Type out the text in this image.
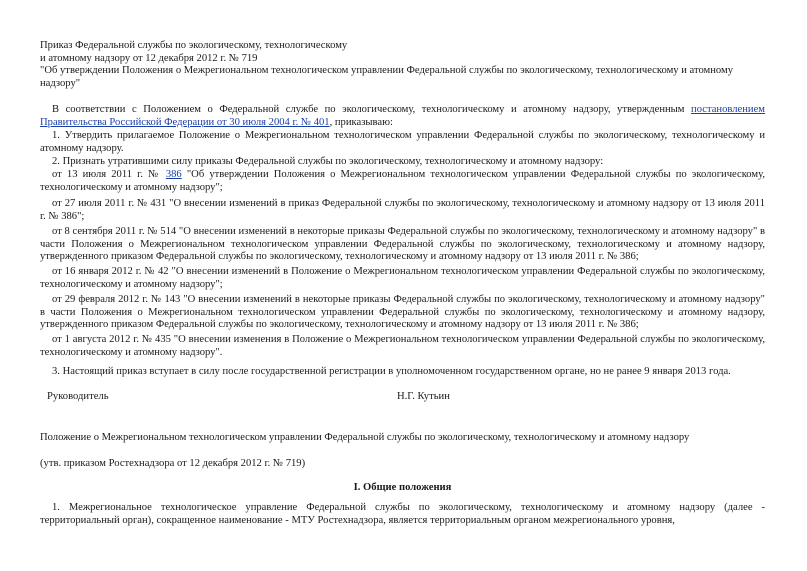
Приказ Федеральной службы по экологическому, технологическому
и атомному надзору от 12 декабря 2012 г. № 719
"Об утверждении Положения о Межрегиональном технологическом управлении Федеральной службы по экологическому, технологическому и атомному надзору"

В соответствии с Положением о Федеральной службе по экологическому, технологическому и атомному надзору, утвержденным постановлением Правительства Российской Федерации от 30 июля 2004 г. № 401, приказываю:

1. Утвердить прилагаемое Положение о Межрегиональном технологическом управлении Федеральной службы по экологическому, технологическому и атомному надзору.

2. Признать утратившими силу приказы Федеральной службы по экологическому, технологическому и атомному надзору:

от 13 июля 2011 г. № 386 "Об утверждении Положения о Межрегиональном технологическом управлении Федеральной службы по экологическому, технологическому и атомному надзору";

от 27 июля 2011 г. № 431 "О внесении изменений в приказ Федеральной службы по экологическому, технологическому и атомному надзору от 13 июля 2011 г. № 386";

от 8 сентября 2011 г. № 514 "О внесении изменений в некоторые приказы Федеральной службы по экологическому, технологическому и атомному надзору" в части Положения о Межрегиональном технологическом управлении Федеральной службы по экологическому, технологическому и атомному надзору, утвержденного приказом Федеральной службы по экологическому, технологическому и атомному надзору от 13 июля 2011 г. № 386;

от 16 января 2012 г. № 42 "О внесении изменений в Положение о Межрегиональном технологическом управлении Федеральной службы по экологическому, технологическому и атомному надзору";

от 29 февраля 2012 г. № 143 "О внесении изменений в некоторые приказы Федеральной службы по экологическому, технологическому и атомному надзору" в части Положения о Межрегиональном технологическом управлении Федеральной службы по экологическому, технологическому и атомному надзору, утвержденного приказом Федеральной службы по экологическому, технологическому и атомному надзору от 13 июля 2011 г. № 386;

от 1 августа 2012 г. № 435 "О внесении изменения в Положение о Межрегиональном технологическом управлении Федеральной службы по экологическому, технологическому и атомному надзору".

3. Настоящий приказ вступает в силу после государственной регистрации в уполномоченном государственном органе, но не ранее 9 января 2013 года.

Руководитель	Н.Г. Кутьин

Положение о Межрегиональном технологическом управлении Федеральной службы по экологическому, технологическому и атомному надзору

(утв. приказом Ростехнадзора от 12 декабря 2012 г. № 719)

I. Общие положения

1. Межрегиональное технологическое управление Федеральной службы по экологическому, технологическому и атомному надзору (далее - территориальный орган), сокращенное наименование - МТУ Ростехнадзора, является территориальным органом межрегионального уровня,
